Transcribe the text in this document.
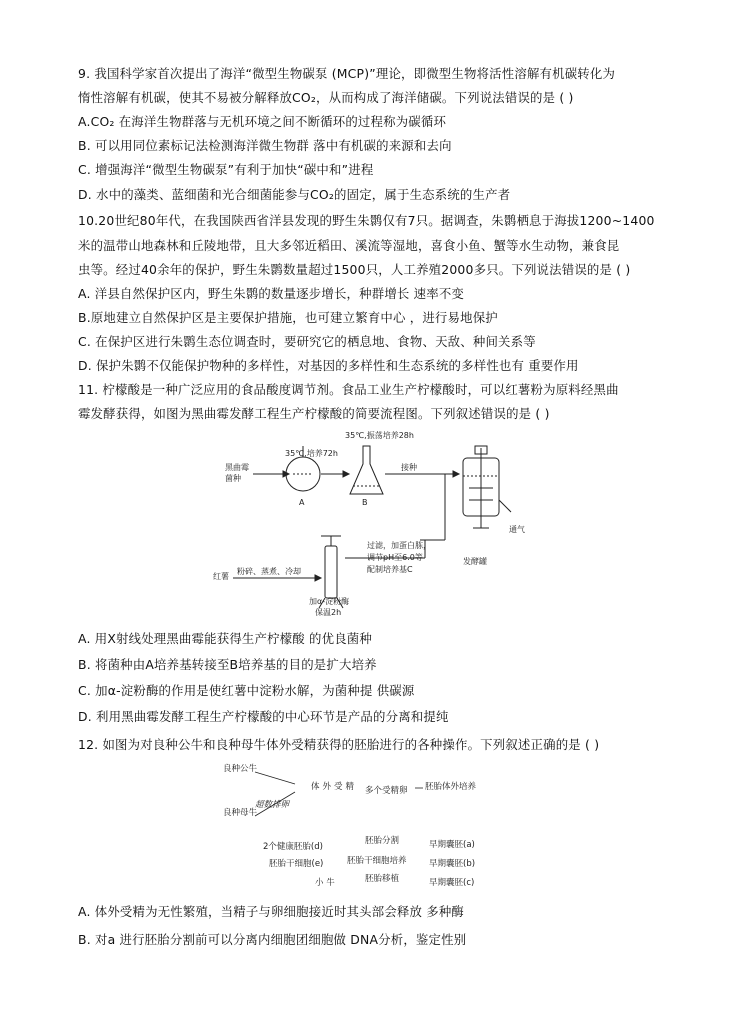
9. 我国科学家首次提出了海洋“微型生物碳泵 (MCP)”理论，即微型生物将活性溶解有机碳转化为
惰性溶解有机碳，使其不易被分解释放CO₂，从而构成了海洋储碳。下列说法错误的是 ( )
A.CO₂ 在海洋生物群落与无机环境之间不断循环的过程称为碳循环
B. 可以用同位素标记法检测海洋微生物群 落中有机碳的来源和去向
C. 增强海洋“微型生物碳泵”有利于加快“碳中和”进程
D. 水中的藻类、蓝细菌和光合细菌能参与CO₂的固定，属于生态系统的生产者
10.20世纪80年代，在我国陕西省洋县发现的野生朱鹮仅有7只。据调查，朱鹮栖息于海拔1200~1400
米的温带山地森林和丘陵地带，且大多邻近稻田、溪流等湿地，喜食小鱼、蟹等水生动物，兼食昆
虫等。经过40余年的保护，野生朱鹮数量超过1500只，人工养殖2000多只。下列说法错误的是 ( )
A. 洋县自然保护区内，野生朱鹮的数量逐步增长，种群增长 速率不变
B.原地建立自然保护区是主要保护措施，也可建立繁育中心 ，进行易地保护
C. 在保护区进行朱鹮生态位调查时，要研究它的栖息地、食物、天敌、种间关系等
D. 保护朱鹮不仅能保护物种的多样性，对基因的多样性和生态系统的多样性也有 重要作用
11. 柠檬酸是一种广泛应用的食品酸度调节剂。食品工业生产柠檬酸时，可以红薯粉为原料经黑曲
霉发酵获得，如图为黑曲霉发酵工程生产柠檬酸的简要流程图。下列叙述错误的是 ( )
35℃,振荡培养28h
35℃,培养72h
黑曲霉菌种
A	B
接种
通气
发酵罐
红薯
粉碎、蒸煮、冷却
过滤，加蛋白胨，
调节pH至6.0等
配制培养基C
加α-淀粉酶
保温2h
A. 用X射线处理黑曲霉能获得生产柠檬酸 的优良菌种
B. 将菌种由A培养基转接至B培养基的目的是扩大培养
C. 加α-淀粉酶的作用是使红薯中淀粉水解，为菌种提 供碳源
D. 利用黑曲霉发酵工程生产柠檬酸的中心环节是产品的分离和提纯
12. 如图为对良种公牛和良种母牛体外受精获得的胚胎进行的各种操作。下列叙述正确的是 ( )
良种公牛
体外受精 多个受精卵 胚胎体外培养
良种母牛
超数排卵
2个健康胚胎(d)
胚胎分割	早期囊胚(a)
胚胎干细胞(e)	胚胎干细胞培养	早期囊胚(b)
小 牛	胚胎移植	早期囊胚(c)
A. 体外受精为无性繁殖，当精子与卵细胞接近时其头部会释放 多种酶
B. 对a 进行胚胎分割前可以分离内细胞团细胞做 DNA分析，鉴定性别
